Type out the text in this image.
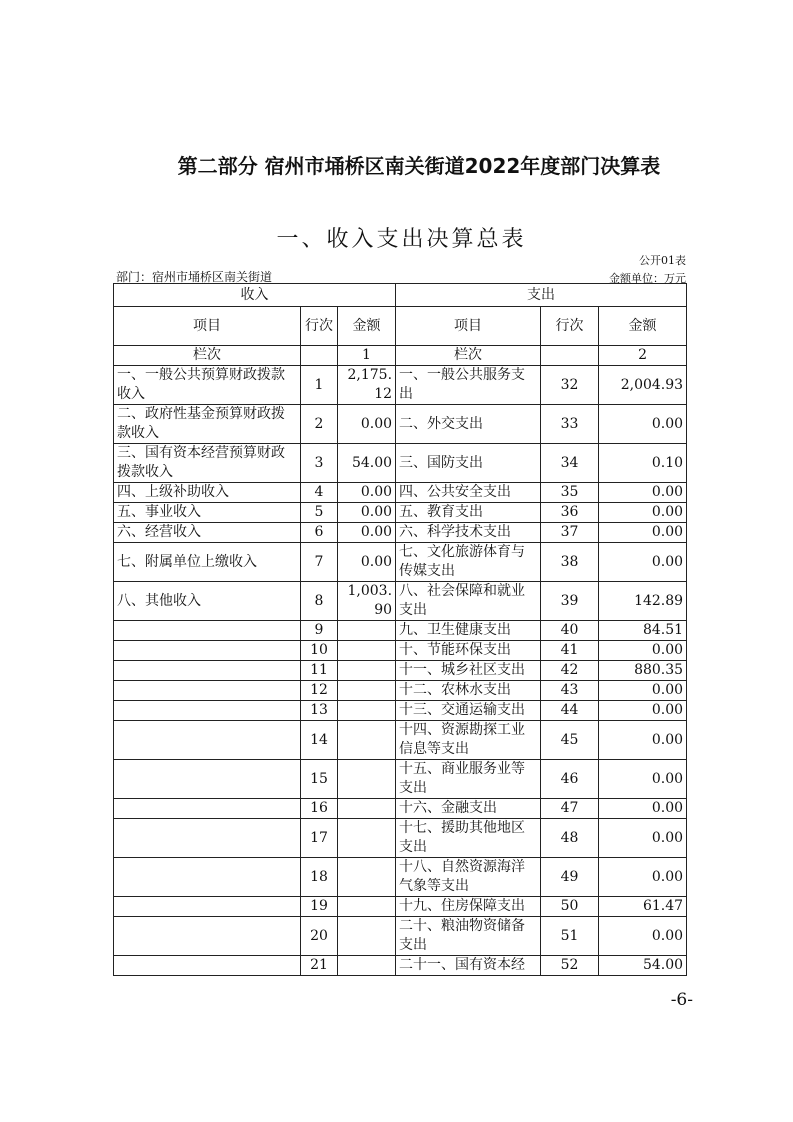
第二部分 宿州市埇桥区南关街道2022年度部门决算表
一、收入支出决算总表
公开01表
部门：宿州市埇桥区南关街道	金额单位：万元
收入			支出		
项目	行次	金额	项目	行次	金额
栏次		1	栏次		2
一、一般公共预算财政拨款收入	1	2,175.12	一、一般公共服务支出	32	2,004.93
二、政府性基金预算财政拨款收入	2	0.00	二、外交支出	33	0.00
三、国有资本经营预算财政拨款收入	3	54.00	三、国防支出	34	0.10
四、上级补助收入	4	0.00	四、公共安全支出	35	0.00
五、事业收入	5	0.00	五、教育支出	36	0.00
六、经营收入	6	0.00	六、科学技术支出	37	0.00
七、附属单位上缴收入	7	0.00	七、文化旅游体育与传媒支出	38	0.00
八、其他收入	8	1,003.90	八、社会保障和就业支出	39	142.89
	9		九、卫生健康支出	40	84.51
	10		十、节能环保支出	41	0.00
	11		十一、城乡社区支出	42	880.35
	12		十二、农林水支出	43	0.00
	13		十三、交通运输支出	44	0.00
	14		十四、资源勘探工业信息等支出	45	0.00
	15		十五、商业服务业等支出	46	0.00
	16		十六、金融支出	47	0.00
	17		十七、援助其他地区支出	48	0.00
	18		十八、自然资源海洋气象等支出	49	0.00
	19		十九、住房保障支出	50	61.47
	20		二十、粮油物资储备支出	51	0.00
	21		二十一、国有资本经	52	54.00
-6-
